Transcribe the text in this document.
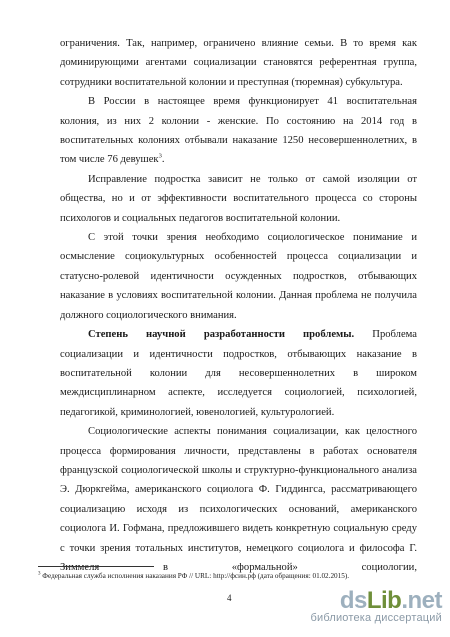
ограничения. Так, например, ограничено влияние семьи. В то время как доминирующими агентами социализации становятся референтная группа, сотрудники воспитательной колонии и преступная (тюремная) субкультура.

В России в настоящее время функционирует 41 воспитательная колония, из них 2 колонии - женские. По состоянию на 2014 год в воспитательных колониях отбывали наказание 1250 несовершеннолетних, в том числе 76 девушек$^3$.

Исправление подростка зависит не только от самой изоляции от общества, но и от эффективности воспитательного процесса со стороны психологов и социальных педагогов воспитательной колонии.

С этой точки зрения необходимо социологическое понимание и осмысление социокультурных особенностей процесса социализации и статусно-ролевой идентичности осужденных подростков, отбывающих наказание в условиях воспитательной колонии. Данная проблема не получила должного социологического внимания.

Степень научной разработанности проблемы. Проблема социализации и идентичности подростков, отбывающих наказание в воспитательной колонии для несовершеннолетних в широком междисциплинарном аспекте, исследуется социологией, психологией, педагогикой, криминологией, ювенологией, культурологией.

Социологические аспекты понимания социализации, как целостного процесса формирования личности, представлены в работах основателя французской социологической школы и структурно-функционального анализа Э. Дюркгейма, американского социолога Ф. Гиддингса, рассматривающего социализацию исходя из психологических оснований, американского социолога И. Гофмана, предложившего видеть конкретную социальную среду с точки зрения тотальных институтов, немецкого социолога и философа Г. Зиммеля в «формальной» социологии,

$^3$ Федеральная служба исполнения наказания РФ // URL: http://фсин.рф (дата обращения: 01.02.2015).
4	dsLib.net
библиотека диссертаций
